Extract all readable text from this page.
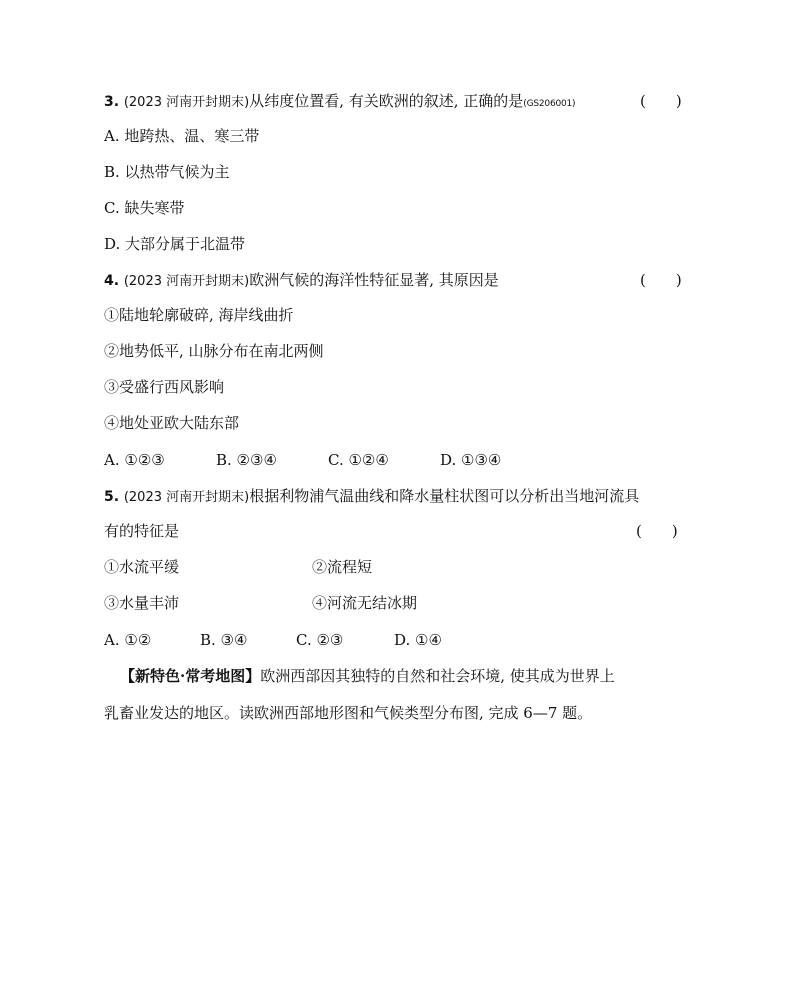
3. (2023 河南开封期末)从纬度位置看, 有关欧洲的叙述, 正确的是(GS206001)	(　　)
A. 地跨热、温、寒三带
B. 以热带气候为主
C. 缺失寒带
D. 大部分属于北温带
4. (2023 河南开封期末)欧洲气候的海洋性特征显著, 其原因是	(　　)
①陆地轮廓破碎, 海岸线曲折
②地势低平, 山脉分布在南北两侧
③受盛行西风影响
④地处亚欧大陆东部
A. ①②③	B. ②③④	C. ①②④	D. ①③④
5. (2023 河南开封期末)根据利物浦气温曲线和降水量柱状图可以分析出当地河流具
有的特征是	(　　)
①水流平缓	②流程短
③水量丰沛	④河流无结冰期
A. ①②	B. ③④	C. ②③	D. ①④
【新特色·常考地图】欧洲西部因其独特的自然和社会环境, 使其成为世界上
乳畜业发达的地区。读欧洲西部地形图和气候类型分布图, 完成 6—7 题。
